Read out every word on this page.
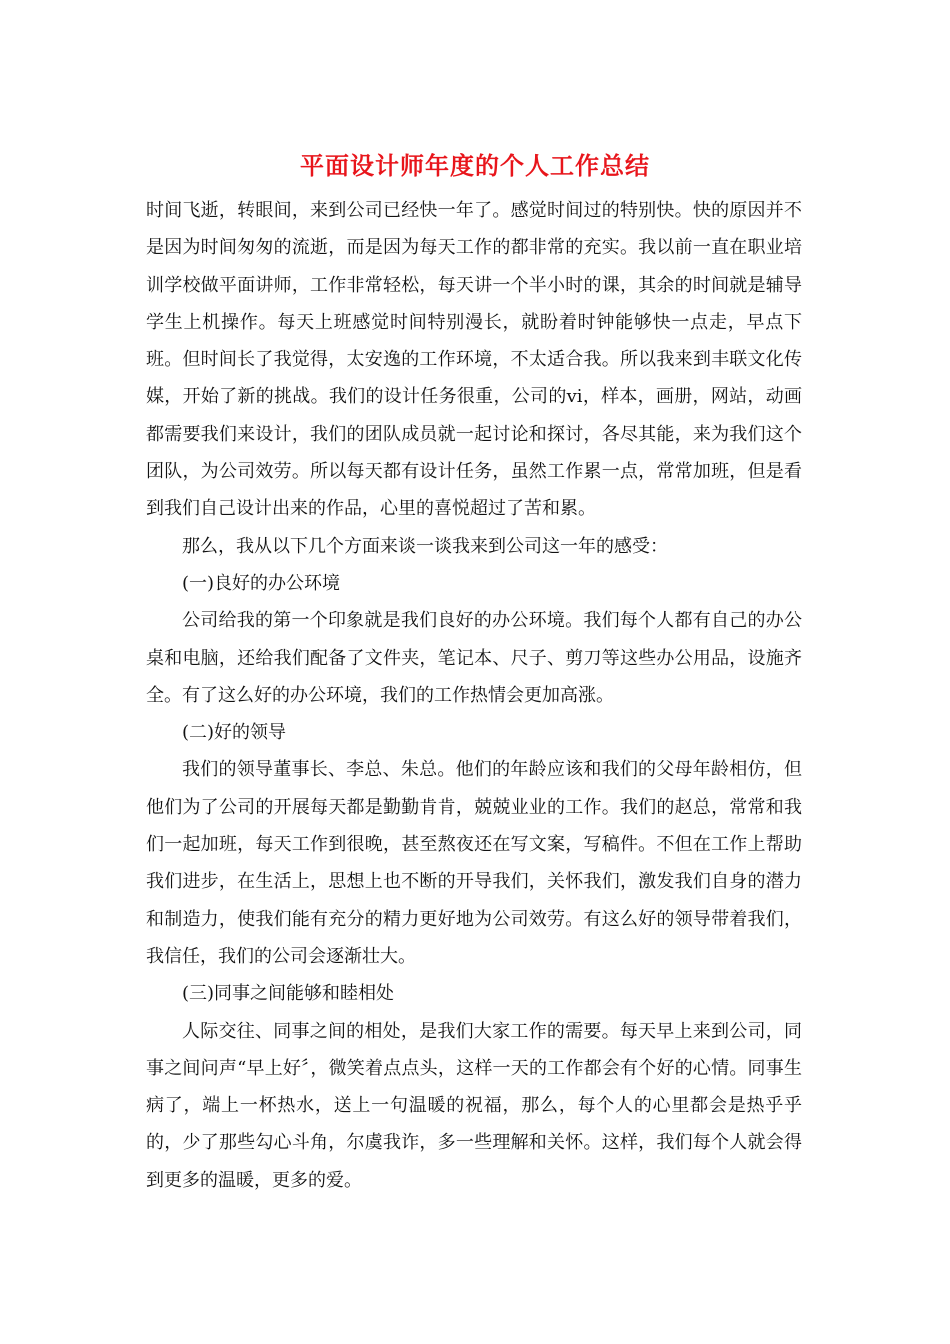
平面设计师年度的个人工作总结

时间飞逝，转眼间，来到公司已经快一年了。感觉时间过的特别快。快的原因并不是因为时间匆匆的流逝，而是因为每天工作的都非常的充实。我以前一直在职业培训学校做平面讲师，工作非常轻松，每天讲一个半小时的课，其余的时间就是辅导学生上机操作。每天上班感觉时间特别漫长，就盼着时钟能够快一点走，早点下班。但时间长了我觉得，太安逸的工作环境，不太适合我。所以我来到丰联文化传媒，开始了新的挑战。我们的设计任务很重，公司的vi，样本，画册，网站，动画都需要我们来设计，我们的团队成员就一起讨论和探讨，各尽其能，来为我们这个团队，为公司效劳。所以每天都有设计任务，虽然工作累一点，常常加班，但是看到我们自己设计出来的作品，心里的喜悦超过了苦和累。

那么，我从以下几个方面来谈一谈我来到公司这一年的感受：

(一)良好的办公环境

公司给我的第一个印象就是我们良好的办公环境。我们每个人都有自己的办公桌和电脑，还给我们配备了文件夹，笔记本、尺子、剪刀等这些办公用品，设施齐全。有了这么好的办公环境，我们的工作热情会更加高涨。

(二)好的领导

我们的领导董事长、李总、朱总。他们的年龄应该和我们的父母年龄相仿，但他们为了公司的开展每天都是勤勤肯肯，兢兢业业的工作。我们的赵总，常常和我们一起加班，每天工作到很晚，甚至熬夜还在写文案，写稿件。不但在工作上帮助我们进步，在生活上，思想上也不断的开导我们，关怀我们，激发我们自身的潜力和制造力，使我们能有充分的精力更好地为公司效劳。有这么好的领导带着我们，我信任，我们的公司会逐渐壮大。

(三)同事之间能够和睦相处

人际交往、同事之间的相处，是我们大家工作的需要。每天早上来到公司，同事之间问声“早上好〞，微笑着点点头，这样一天的工作都会有个好的心情。同事生病了，端上一杯热水，送上一句温暖的祝福，那么，每个人的心里都会是热乎乎的，少了那些勾心斗角，尔虞我诈，多一些理解和关怀。这样，我们每个人就会得到更多的温暖，更多的爱。
